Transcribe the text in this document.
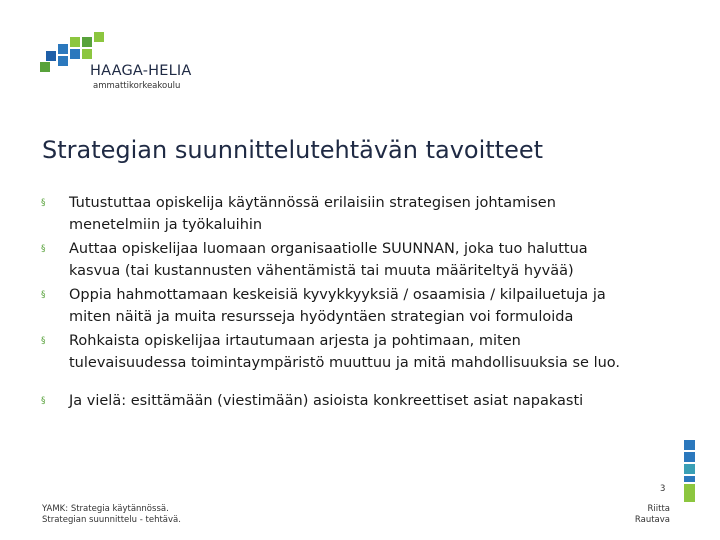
HAAGA-HELIA
ammattikorkeakoulu
Strategian suunnittelutehtävän tavoitteet
§ Tutustuttaa opiskelija käytännössä erilaisiin strategisen johtamisen
menetelmiin ja työkaluihin
§ Auttaa opiskelijaa luomaan organisaatiolle SUUNNAN, joka tuo haluttua
kasvua (tai kustannusten vähentämistä tai muuta määriteltyä hyvää)
§ Oppia hahmottamaan keskeisiä kyvykkyyksiä / osaamisia / kilpailuetuja ja
miten näitä ja muita resursseja hyödyntäen strategian voi formuloida
§ Rohkaista opiskelijaa irtautumaan arjesta ja pohtimaan, miten
tulevaisuudessa toimintaympäristö muuttuu ja mitä mahdollisuuksia se luo.
§ Ja vielä: esittämään (viestimään) asioista konkreettiset asiat napakasti
3
YAMK: Strategia käytännössä.
Strategian suunnittelu - tehtävä.
Riitta
Rautava
